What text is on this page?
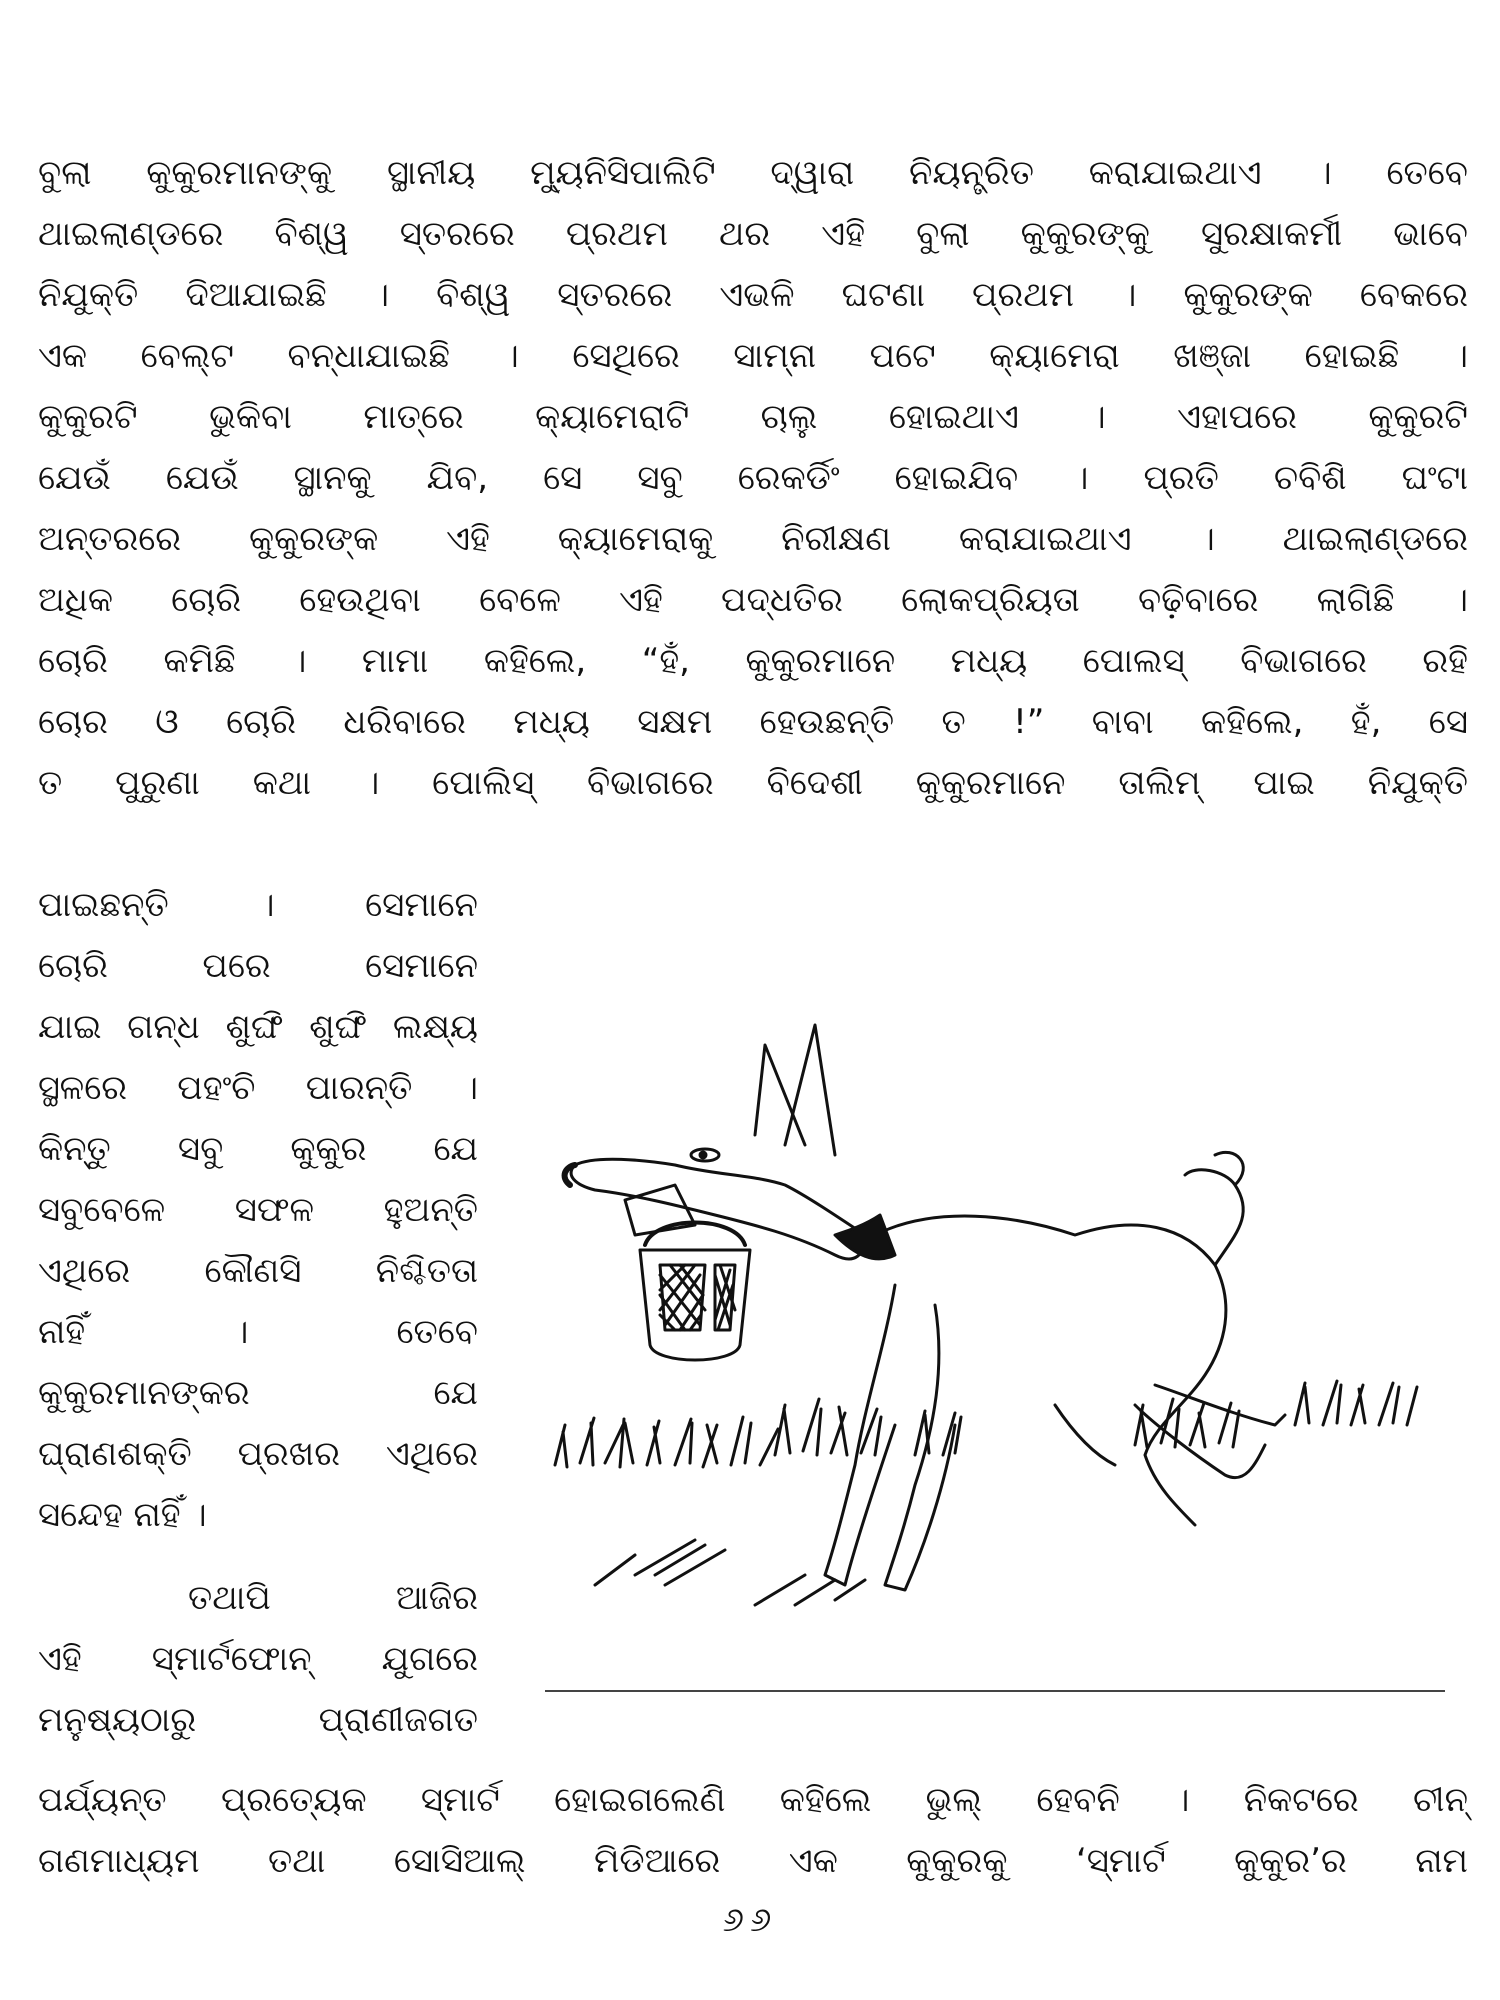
ବୁଲା କୁକୁରମାନଙ୍କୁ ସ୍ଥାନୀୟ ମ୍ୟୁନିସିପାଲିଟି ଦ୍ୱାରା ନିୟନ୍ତ୍ରିତ କରାଯାଇଥାଏ । ତେବେ
ଥାଇଲାଣ୍ଡରେ ବିଶ୍ୱ ସ୍ତରରେ ପ୍ରଥମ ଥର ଏହି ବୁଲା କୁକୁରଙ୍କୁ ସୁରକ୍ଷାକର୍ମୀ ଭାବେ
ନିଯୁକ୍ତି ଦିଆଯାଇଛି । ବିଶ୍ୱ ସ୍ତରରେ ଏଭଳି ଘଟଣା ପ୍ରଥମ । କୁକୁରଙ୍କ ବେକରେ
ଏକ ବେଲ୍ଟ ବନ୍ଧାଯାଇଛି । ସେଥିରେ ସାମ୍ନା ପଟେ କ୍ୟାମେରା ଖଞ୍ଜା ହୋଇଛି ।
କୁକୁରଟି ଭୁକିବା ମାତ୍ରେ କ୍ୟାମେରାଟି ଚାଲୁ ହୋଇଥାଏ । ଏହାପରେ କୁକୁରଟି
ଯେଉଁ ଯେଉଁ ସ୍ଥାନକୁ ଯିବ, ସେ ସବୁ ରେକର୍ଡିଂ ହୋଇଯିବ । ପ୍ରତି ଚବିଶି ଘଂଟା
ଅନ୍ତରରେ କୁକୁରଙ୍କ ଏହି କ୍ୟାମେରାକୁ ନିରୀକ୍ଷଣ କରାଯାଇଥାଏ । ଥାଇଲାଣ୍ଡରେ
ଅଧିକ ଚୋରି ହେଉଥିବା ବେଳେ ଏହି ପଦ୍ଧତିର ଲୋକପ୍ରିୟତା ବଢ଼ିବାରେ ଲାଗିଛି ।
ଚୋରି କମିଛି । ମାମା କହିଲେ, “ହଁ, କୁକୁରମାନେ ମଧ୍ୟ ପୋଲସ୍ ବିଭାଗରେ ରହି
ଚୋର ଓ ଚୋରି ଧରିବାରେ ମଧ୍ୟ ସକ୍ଷମ ହେଉଛନ୍ତି ତ !” ବାବା କହିଲେ, ହଁ, ସେ
ତ ପୁରୁଣା କଥା । ପୋଲିସ୍ ବିଭାଗରେ ବିଦେଶୀ କୁକୁରମାନେ ତାଲିମ୍ ପାଇ ନିଯୁକ୍ତି
ପାଇଛନ୍ତି । ସେମାନେ
ଚୋରି ପରେ ସେମାନେ
ଯାଇ ଗନ୍ଧ ଶୁଙ୍ଘି ଶୁଙ୍ଘି ଲକ୍ଷ୍ୟ
ସ୍ଥଳରେ ପହଂଚି ପାରନ୍ତି ।
କିନ୍ତୁ ସବୁ କୁକୁର ଯେ
ସବୁବେଳେ ସଫଳ ହୁଅନ୍ତି
ଏଥିରେ କୌଣସି ନିଶ୍ଚିତତା
ନାହିଁ । ତେବେ
କୁକୁରମାନଙ୍କର ଯେ
ଘ୍ରାଣଶକ୍ତି ପ୍ରଖର ଏଥିରେ
ସନ୍ଦେହ ନାହିଁ ।
ତଥାପି ଆଜିର
ଏହି ସ୍ମାର୍ଟଫୋନ୍ ଯୁଗରେ
ମନୁଷ୍ୟଠାରୁ ପ୍ରାଣୀଜଗତ
ପର୍ଯ୍ୟନ୍ତ ପ୍ରତ୍ୟେକ ସ୍ମାର୍ଟ ହୋଇଗଲେଣି କହିଲେ ଭୁଲ୍ ହେବନି । ନିକଟରେ ଚୀନ୍
ଗଣମାଧ୍ୟମ ତଥା ସୋସିଆଲ୍ ମିଡିଆରେ ଏକ କୁକୁରକୁ ‘ସ୍ମାର୍ଟ କୁକୁର’ର ନାମ
୬୬
